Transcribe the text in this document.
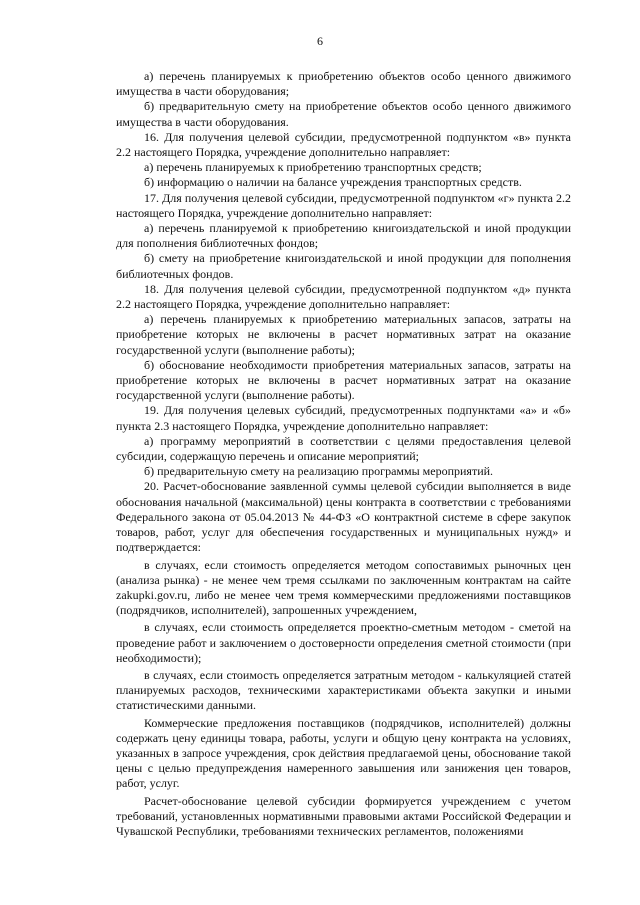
6

а) перечень планируемых к приобретению объектов особо ценного движимого имущества в части оборудования;

б) предварительную смету на приобретение объектов особо ценного движимого имущества в части оборудования.

16. Для получения целевой субсидии, предусмотренной подпунктом «в» пункта 2.2 настоящего Порядка, учреждение дополнительно направляет:

а) перечень планируемых к приобретению транспортных средств;

б) информацию о наличии на балансе учреждения транспортных средств.

17. Для получения целевой субсидии, предусмотренной подпунктом «г» пункта 2.2 настоящего Порядка, учреждение дополнительно направляет:

а) перечень планируемой к приобретению книгоиздательской и иной продукции для пополнения библиотечных фондов;

б) смету на приобретение книгоиздательской и иной продукции для пополнения библиотечных фондов.

18. Для получения целевой субсидии, предусмотренной подпунктом «д» пункта 2.2 настоящего Порядка, учреждение дополнительно направляет:

а) перечень планируемых к приобретению материальных запасов, затраты на приобретение которых не включены в расчет нормативных затрат на оказание государственной услуги (выполнение работы);

б) обоснование необходимости приобретения материальных запасов, затраты на приобретение которых не включены в расчет нормативных затрат на оказание государственной услуги (выполнение работы).

19. Для получения целевых субсидий, предусмотренных подпунктами «а» и «б» пункта 2.3 настоящего Порядка, учреждение дополнительно направляет:

а) программу мероприятий в соответствии с целями предоставления целевой субсидии, содержащую перечень и описание мероприятий;

б) предварительную смету на реализацию программы мероприятий.

20. Расчет-обоснование заявленной суммы целевой субсидии выполняется в виде обоснования начальной (максимальной) цены контракта в соответствии с требованиями Федерального закона от 05.04.2013 № 44-ФЗ «О контрактной системе в сфере закупок товаров, работ, услуг для обеспечения государственных и муниципальных нужд» и подтверждается:

в случаях, если стоимость определяется методом сопоставимых рыночных цен (анализа рынка) - не менее чем тремя ссылками по заключенным контрактам на сайте zakupki.gov.ru, либо не менее чем тремя коммерческими предложениями поставщиков (подрядчиков, исполнителей), запрошенных учреждением,

в случаях, если стоимость определяется проектно-сметным методом - сметой на проведение работ и заключением о достоверности определения сметной стоимости (при необходимости);

в случаях, если стоимость определяется затратным методом - калькуляцией статей планируемых расходов, техническими характеристиками объекта закупки и иными статистическими данными.

Коммерческие предложения поставщиков (подрядчиков, исполнителей) должны содержать цену единицы товара, работы, услуги и общую цену контракта на условиях, указанных в запросе учреждения, срок действия предлагаемой цены, обоснование такой цены с целью предупреждения намеренного завышения или занижения цен товаров, работ, услуг.

Расчет-обоснование целевой субсидии формируется учреждением с учетом требований, установленных нормативными правовыми актами Российской Федерации и Чувашской Республики, требованиями технических регламентов, положениями
